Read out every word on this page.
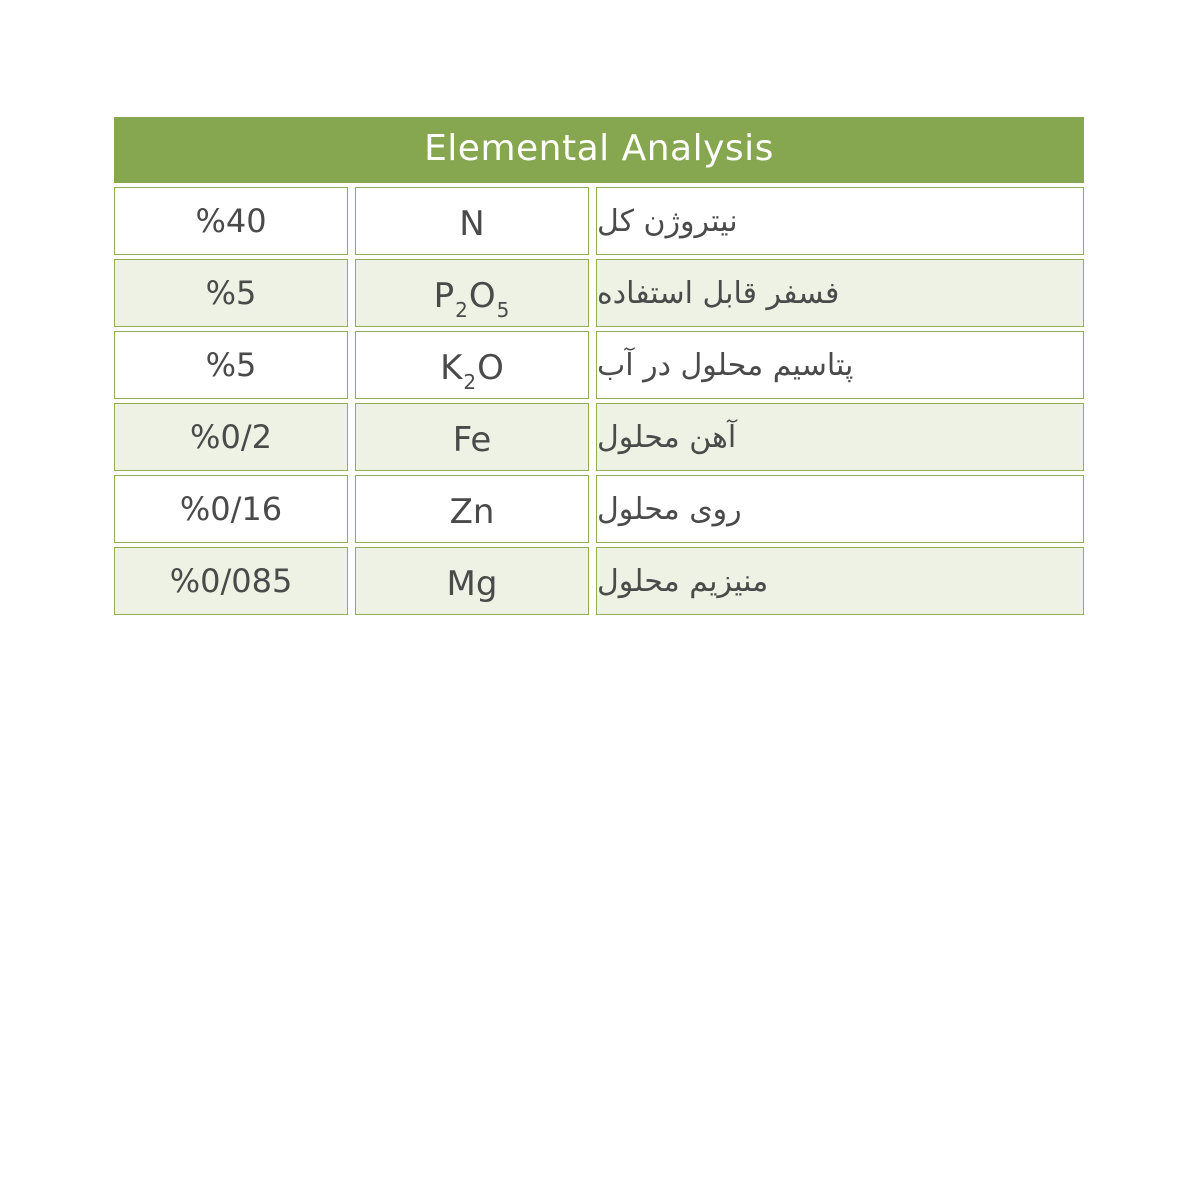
Elemental Analysis
%40	N	نیتروژن کل
%5	P 2 O 5	فسفر قابل استفاده
%5	K 2 O	پتاسیم محلول در آب
%0/2	Fe	آهن محلول
%0/16	Zn	روی محلول
%0/085	Mg	منیزیم محلول
